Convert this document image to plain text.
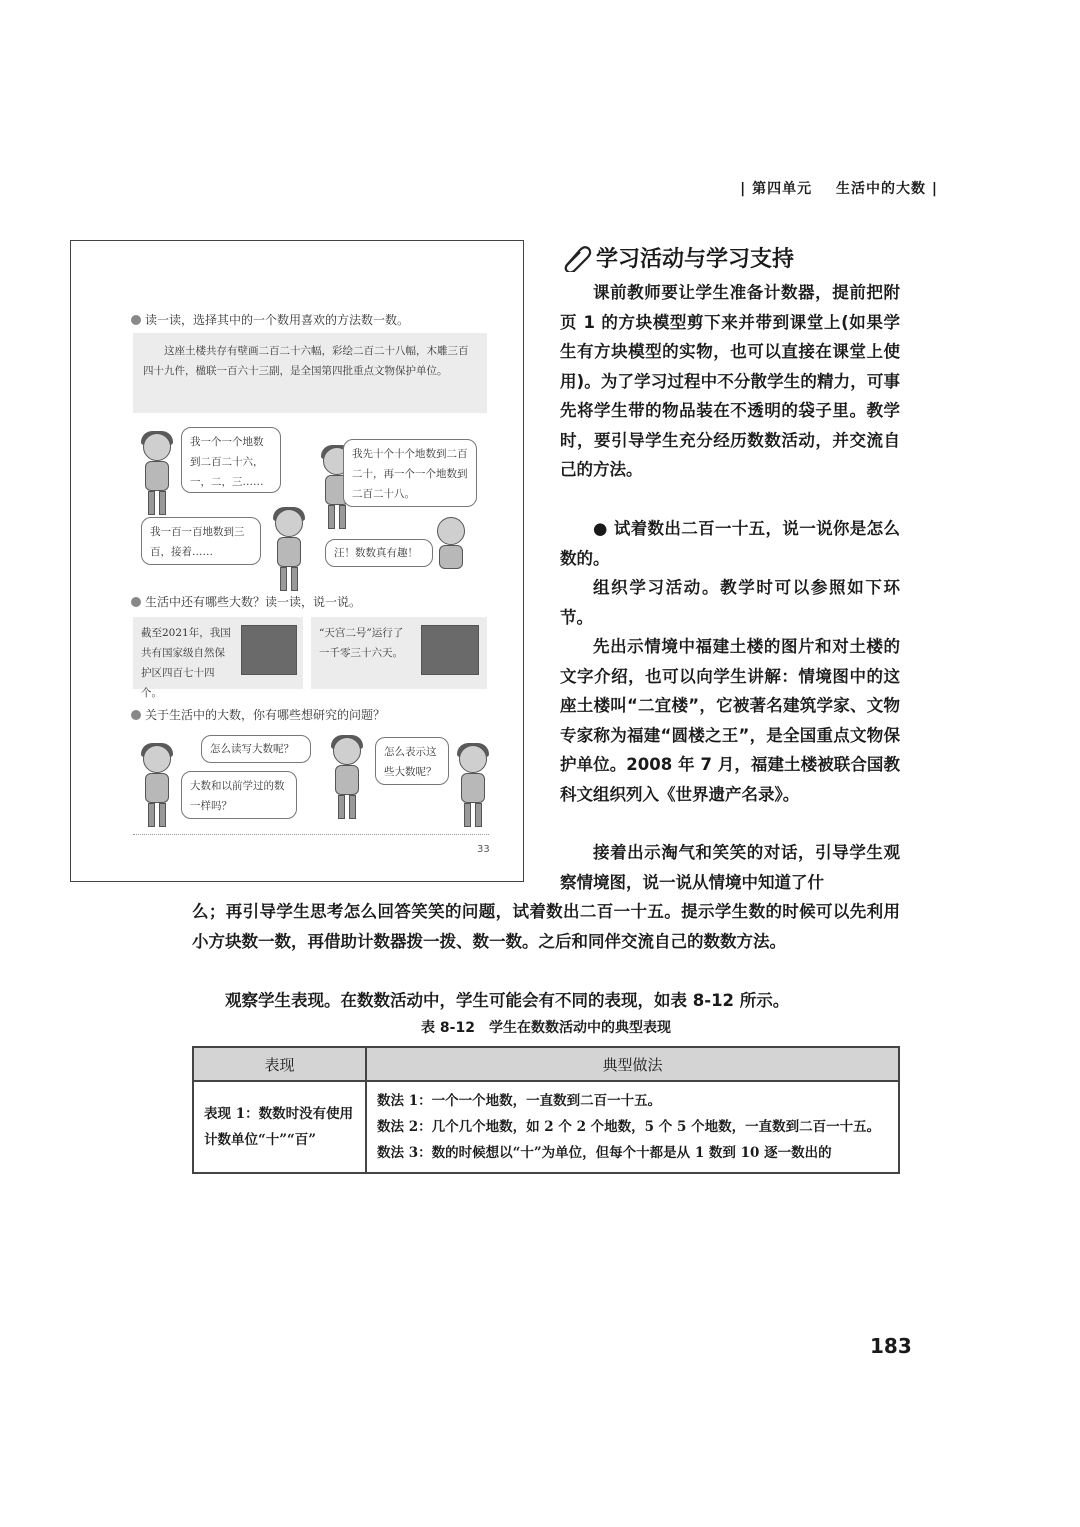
| 第四单元 生活中的大数 |
读一读，选择其中的一个数用喜欢的方法数一数。
这座土楼共存有壁画二百二十六幅，彩绘二百二十八幅，木雕三百四十九件，楹联一百六十三副，是全国第四批重点文物保护单位。
我一个一个地数到二百二十六，一，二，三……
我先十个十个地数到二百二十，再一个一个地数到二百二十八。
我一百一百地数到三百，接着……	汪！数数真有趣！
生活中还有哪些大数？读一读，说一说。
截至2021年，我国共有国家级自然保护区四百七十四个。
“天宫二号”运行了一千零三十六天。
关于生活中的大数，你有哪些想研究的问题？
怎么读写大数呢？
大数和以前学过的数一样吗？
怎么表示这些大数呢？
33
学习活动与学习支持
课前教师要让学生准备计数器，提前把附页 1 的方块模型剪下来并带到课堂上(如果学生有方块模型的实物，也可以直接在课堂上使用)。为了学习过程中不分散学生的精力，可事先将学生带的物品装在不透明的袋子里。教学时，要引导学生充分经历数数活动，并交流自己的方法。
● 试着数出二百一十五，说一说你是怎么数的。
组织学习活动。教学时可以参照如下环节。
先出示情境中福建土楼的图片和对土楼的文字介绍，也可以向学生讲解：情境图中的这座土楼叫“二宜楼”，它被著名建筑学家、文物专家称为福建“圆楼之王”，是全国重点文物保护单位。2008 年 7 月，福建土楼被联合国教科文组织列入《世界遗产名录》。
接着出示淘气和笑笑的对话，引导学生观察情境图，说一说从情境中知道了什
么；再引导学生思考怎么回答笑笑的问题，试着数出二百一十五。提示学生数的时候可以先利用小方块数一数，再借助计数器拨一拨、数一数。之后和同伴交流自己的数数方法。
观察学生表现。在数数活动中，学生可能会有不同的表现，如表 8-12 所示。
表 8-12　学生在数数活动中的典型表现
表现	典型做法
表现 1：数数时没有使用计数单位“十”“百”	数法 1：一个一个地数，一直数到二百一十五。
数法 2：几个几个地数，如 2 个 2 个地数，5 个 5 个地数，一直数到二百一十五。
数法 3：数的时候想以“十”为单位，但每个十都是从 1 数到 10 逐一数出的
183
